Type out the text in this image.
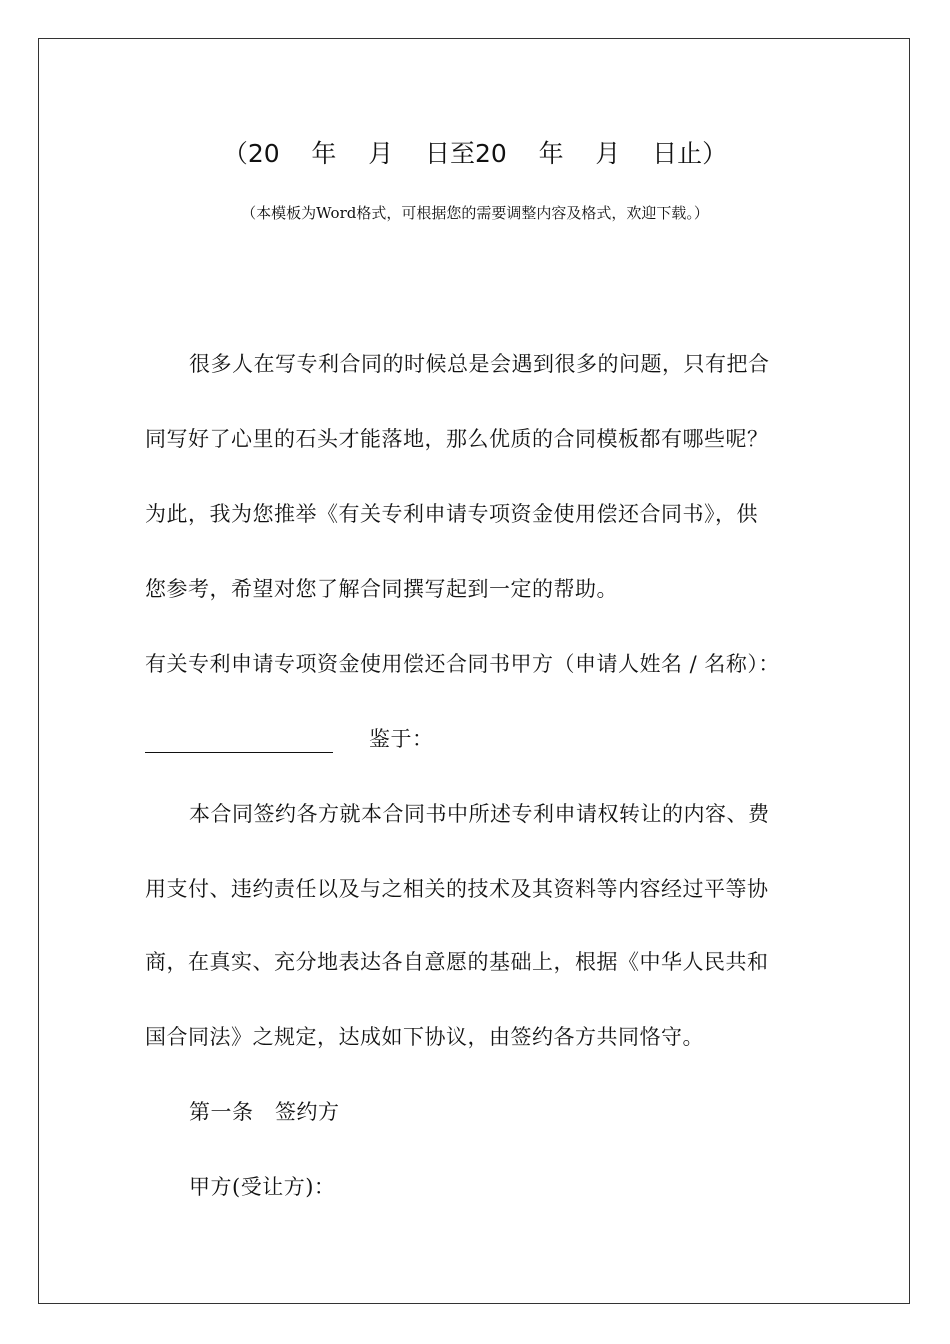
（20    年    月    日至20    年    月    日止）
（本模板为Word格式，可根据您的需要调整内容及格式，欢迎下载。）
很多人在写专利合同的时候总是会遇到很多的问题，只有把合
同写好了心里的石头才能落地，那么优质的合同模板都有哪些呢？
为此，我为您推举《有关专利申请专项资金使用偿还合同书》，供
您参考，希望对您了解合同撰写起到一定的帮助。
有关专利申请专项资金使用偿还合同书甲方（申请人姓名 / 名称）：
鉴于：
本合同签约各方就本合同书中所述专利申请权转让的内容、费
用支付、违约责任以及与之相关的技术及其资料等内容经过平等协
商，在真实、充分地表达各自意愿的基础上，根据《中华人民共和
国合同法》之规定，达成如下协议，由签约各方共同恪守。
第一条　签约方
甲方(受让方)：
